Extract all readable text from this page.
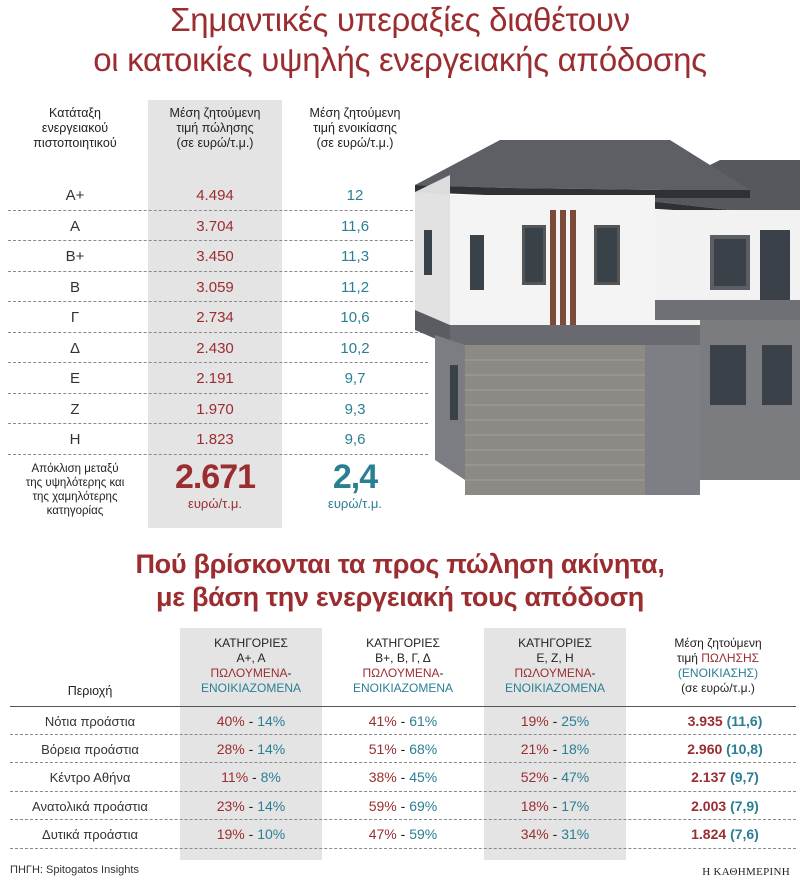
Σημαντικές υπεραξίες διαθέτουν
οι κατοικίες υψηλής ενεργειακής απόδοσης
Κατάταξη
ενεργειακού
πιστοποιητικού
Μέση ζητούμενη
τιμή πώλησης
(σε ευρώ/τ.μ.)
Μέση ζητούμενη
τιμή ενοικίασης
(σε ευρώ/τ.μ.)
Α+	4.494	12
Α	3.704	11,6
Β+	3.450	11,3
Β	3.059	11,2
Γ	2.734	10,6
Δ	2.430	10,2
Ε	2.191	9,7
Ζ	1.970	9,3
Η	1.823	9,6
Απόκλιση μεταξύ
της υψηλότερης και
της χαμηλότερης
κατηγορίας
2.671
ευρώ/τ.μ.
2,4
ευρώ/τ.μ.
Πού βρίσκονται τα προς πώληση ακίνητα,
με βάση την ενεργειακή τους απόδοση
ΚΑΤΗΓΟΡΙΕΣ
Α+, Α
ΠΩΛΟΥΜΕΝΑ-
ΕΝΟΙΚΙΑΖΟΜΕΝΑ
ΚΑΤΗΓΟΡΙΕΣ
Β+, Β, Γ, Δ
ΠΩΛΟΥΜΕΝΑ-
ΕΝΟΙΚΙΑΖΟΜΕΝΑ
ΚΑΤΗΓΟΡΙΕΣ
Ε, Ζ, Η
ΠΩΛΟΥΜΕΝΑ-
ΕΝΟΙΚΙΑΖΟΜΕΝΑ
Μέση ζητούμενη
τιμή ΠΩΛΗΣΗΣ
(ΕΝΟΙΚΙΑΣΗΣ)
(σε ευρώ/τ.μ.)
Περιοχή
Νότια προάστια	40% - 14%	41% - 61%	19% - 25%	3.935 (11,6)
Βόρεια προάστια	28% - 14%	51% - 68%	21% - 18%	2.960 (10,8)
Κέντρο Αθήνα	11% - 8%	38% - 45%	52% - 47%	2.137 (9,7)
Ανατολικά προάστια	23% - 14%	59% - 69%	18% - 17%	2.003 (7,9)
Δυτικά προάστια	19% - 10%	47% - 59%	34% - 31%	1.824 (7,6)
ΠΗΓΗ: Spitogatos Insights	Η ΚΑΘΗΜΕΡΙΝΗ
